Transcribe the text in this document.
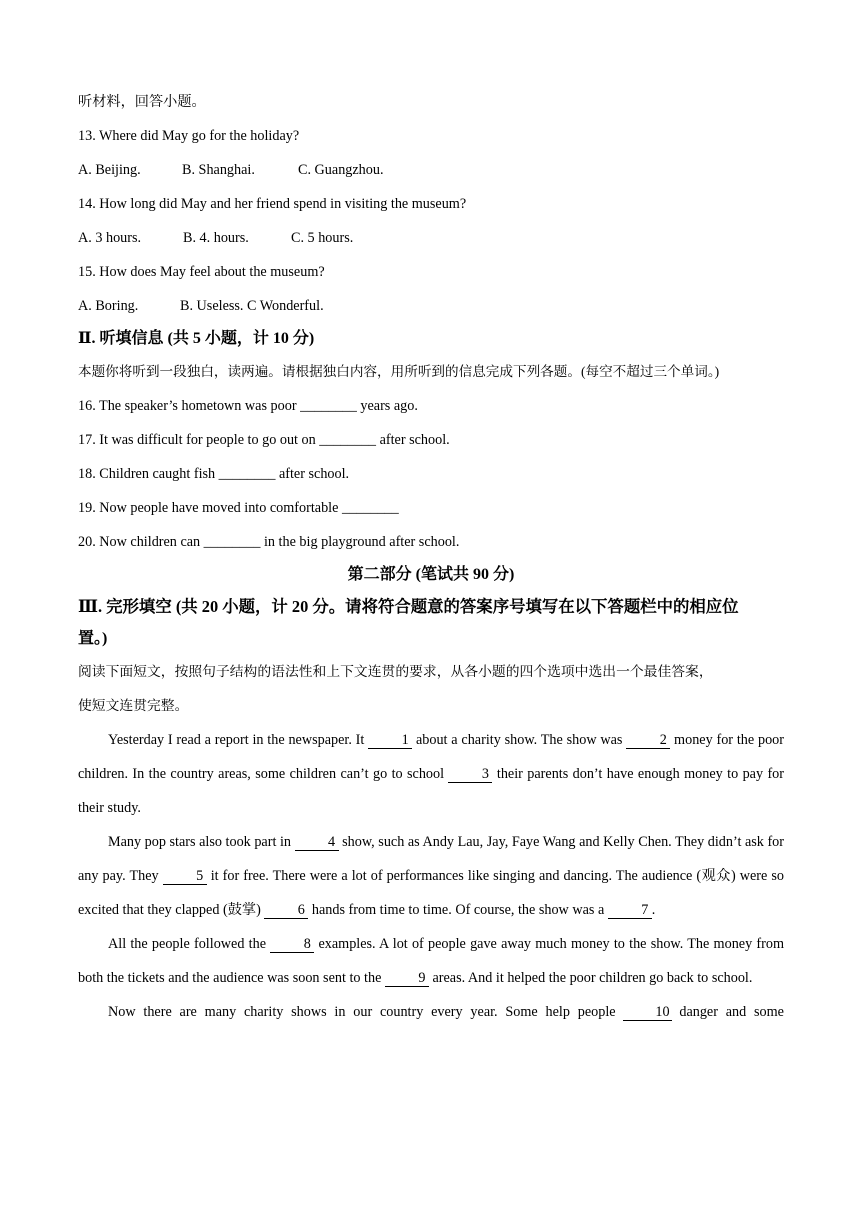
听材料，回答小题。
13. Where did May go for the holiday?
A. Beijing.	B. Shanghai.	C. Guangzhou.
14. How long did May and her friend spend in visiting the museum?
A. 3 hours.	B. 4. hours.	C. 5 hours.
15. How does May feel about the museum?
A. Boring.	B. Useless. C Wonderful.
Ⅱ. 听填信息 (共 5 小题，计 10 分)
本题你将听到一段独白，读两遍。请根据独白内容，用所听到的信息完成下列各题。(每空不超过三个单词。)
16. The speaker’s hometown was poor ________ years ago.
17. It was difficult for people to go out on ________ after school.
18. Children caught fish ________ after school.
19. Now people have moved into comfortable ________
20. Now children can ________ in the big playground after school.
第二部分 (笔试共 90 分)
Ⅲ. 完形填空 (共 20 小题，计 20 分。请将符合题意的答案序号填写在以下答题栏中的相应位
置。)
阅读下面短文，按照句子结构的语法性和上下文连贯的要求，从各小题的四个选项中选出一个最佳答案，
使短文连贯完整。
Yesterday I read a report in the newspaper. It 1 about a charity show. The show was 2 money for the poor children. In the country areas, some children can’t go to school 3 their parents don’t have enough money to pay for their study.
Many pop stars also took part in 4 show, such as Andy Lau, Jay, Faye Wang and Kelly Chen. They didn’t ask for any pay. They 5 it for free. There were a lot of performances like singing and dancing. The audience (观众) were so excited that they clapped (鼓掌) 6 hands from time to time. Of course, the show was a 7 .
All the people followed the 8 examples. A lot of people gave away much money to the show. The money from both the tickets and the audience was soon sent to the 9 areas. And it helped the poor children go back to school.
Now there are many charity shows in our country every year. Some help people 10 danger and some
